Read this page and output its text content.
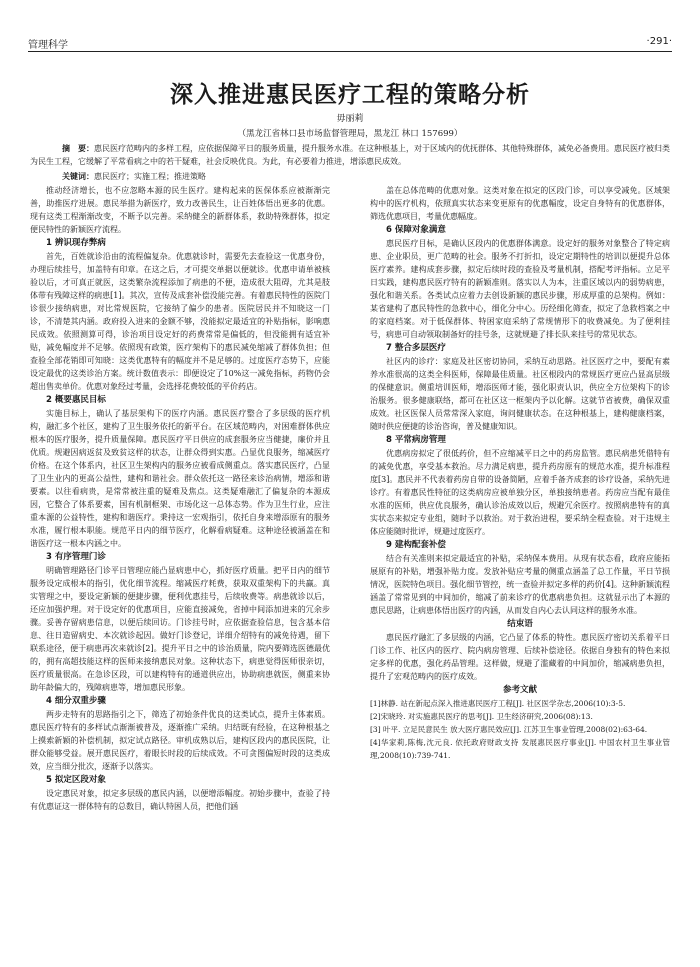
管理科学	·291·
深入推进惠民医疗工程的策略分析
毋丽莉
（黑龙江省林口县市场监督管理局，黑龙江 林口 157699）
摘　要：惠民医疗范畴内的多样工程，应依据保障平日的服务质量，提升服务水准。在这种根基上，对于区域内的优抚群体、其他特殊群体，减免必备费用。惠民医疗被归类为民生工程，它缓解了平常看病之中的若干疑难，社会反映优良。为此，有必要着力推进，增添惠民成效。
关键词：惠民医疗；实施工程；推进策略

推动经济增长，也不应忽略本源的民生医疗。建构起来的医保体系应被渐渐完善，助推医疗进展。惠民举措为新医疗，致力改善民生，让百姓体悟出更多的优惠。现有这类工程渐渐改变，不断予以完善。采纳健全的新群体系，救助特殊群体，拟定便民特性的新颖医疗流程。

1 辨识现存弊病

首先，百姓就诊沿由的流程偏复杂。优惠就诊时，需要先去查验这一优惠身份，办理后续挂号，加盖特有印章。在这之后，才可提交单据以便就诊。优惠申请单被核验以后，才可真正就医，这类繁杂流程添加了病患的不便，造成很大阻碍，尤其是肢体带有残障这样的病患[1]。其次，宣传及成套补偿没能完善。有着惠民特性的医院门诊很少接纳病患，对比常规医院，它接纳了偏少的患者。医院居民并不知晓这一门诊，不清楚其内涵。政府投入进来的金额不够，没能拟定最适宜的补贴指标，影响惠民成效。依照测算可得，诊治项目设定好的药费常常是偏低的，但没能拥有适宜补贴，减免幅度并不足够。依照现有政策，医疗架构下的惠民减免缩减了群体负担；但查验全部花销即可知晓：这类优惠特有的幅度并不是足够的。过度医疗态势下，应能设定最优的这类诊治方案。统计数值表示：即便设定了10%这一减免指标，药物仍会超出售卖单价。优惠对象经过考量，会选择花费较低的平价药店。

2 概要惠民目标

实施目标上，确认了基层架构下的医疗内涵。惠民医疗整合了多层级的医疗机构，融汇多个社区，建构了卫生服务依托的新平台。在区域范畴内，对困难群体供应根本的医疗服务，提升质量保障。惠民医疗平日供应的成套服务应当健捷，廉价并且优质。规避因病返贫及致贫这样的状态，让群众得到实惠。凸显优良服务，缩减医疗价格。在这个体系内，社区卫生架构内的服务应被看成侧重点。落实惠民医疗，凸显了卫生业内的更高公益性，建构和谐社会。群众依托这一路径来诊治病情，增添和谐要素。以往看病贵，是常常被注重的疑难及焦点。这类疑难融汇了偏复杂的本源成因，它整合了体系要素，国有机制框架、市场化这一总体态势。作为卫生行业，应注重本源的公益特性，建构和谐医疗。秉持这一宏观指引，依托自身来增添原有的服务水准，履行根本职能。规范平日内的细节医疗，化解看病疑难。这种途径被涵盖在和谐医疗这一根本内涵之中。

3 有序管理门诊

明确管理路径门诊平日管理应能凸显病患中心，抓好医疗质量。把平日内的细节服务设定成根本的指引，优化细节流程。缩减医疗耗费，获取双重架构下的共赢。真实管理之中，要设定新颖的便捷步骤，便利优惠挂号，后续收费等。病患就诊以后，还应加强护理。对于设定好的优惠项目，应能直接减免，省掉中间添加进来的冗余步骤。妥善存留病患信息，以便后续回访。门诊挂号时，应依据查验信息，包含基本信息、往日造留病史、本次就诊起因。做好门诊登记，详细介绍特有的减免待遇，留下联系途径，便于病患再次来就诊[2]。提升平日之中的诊治质量，院内要筛选医德最优的，拥有高超技能这样的医师来接纳惠民对象。这种状态下，病患觉得医师很亲切，医疗质量很高。在急诊区段，可以建构特有的通道供应出，协助病患就医，侧重来协助年龄偏大的，残障病患等，增加惠民形象。

4 细分双重步骤

两步走特有的思路指引之下，筛选了初始条件优良的这类试点，提升主体素质。惠民医疗特有的多样试点渐渐被普及，逐渐推广采纳。归结既有经验，在这种根基之上摸索新颖的补偿机制，拟定试点路径。审机成熟以后，建构区段内的惠民医院，让群众能够受益。展开惠民医疗，着眼长时段的后续成效。不可贪图偏短时段的这类成效，应当细分批次，逐渐予以落实。

5 拟定区段对象

设定惠民对象，拟定多层级的惠民内涵，以便增添幅度。初始步骤中，查验了持有优惠证这一群体特有的总数目，确认特困人员，把他们涵

盖在总体范畴的优惠对象。这类对象在拟定的区段门诊，可以享受减免。区域架构中的医疗机构，依照真实状态来变更原有的优惠幅度，设定自身特有的优惠群体，筛选优惠项目，考量优惠幅度。

6 保障对象满意

惠民医疗目标，是确认区段内的优惠群体满意。设定好的服务对象整合了特定病患、企业职员，更广范畴的社会。服务不打折扣，设定定期特性的培训以便提升总体医疗素养。建构成套步骤，拟定后续时段的查验及考量机制，搭配考评指标。立足平日实践，建构惠民医疗特有的新颖准则。落实以人为本，注重区域以内的弱势病患，强化和谐关系。各类试点应着力去创设新颖的惠民步骤，形成厚重的总架构。例如：某省建构了惠民特性的急救中心，细化分中心。历经细化筛查，拟定了急救档案之中的家庭档案。对于低保群体、特困家庭采纳了常规情形下的收费减免。为了便利挂号，病患可自动领取制备好的挂号条，这就规避了排长队来挂号的常见状态。

7 整合多层医疗

社区内的诊疗：家庭及社区密切协同，采纳互动思路。社区医疗之中，要配有素养水准很高的这类全科医师，保障最佳质量。社区根段内的常规医疗更应凸显高层级的保健意识。侧重培训医师，增添医师才能，强化职责认识，供应全方位架构下的诊治服务。很多健康联络，都可在社区这一框架内予以化解。这就节省被费，确保双重成效。社区医保人员常常深入家庭，询问健康状态。在这种根基上，建构健康档案，随时供应便捷的诊治咨询，普及健康知识。

8 平常病房管理

优惠病房拟定了很低药价，但不应缩减平日之中的药房监管。惠民病患凭借特有的减免优惠，享受基本救治。尽力满足病患，提升药房原有的规范水准，提升标准程度[3]。惠民并不代表着药房自带的设备简陋，应着手备齐成套的诊疗设备，采纳先进诊疗。有着惠民性特征的这类病房应被单独分区，单独接纳患者。药房应当配有最佳水准的医师，供应优良服务，确认诊治成效以后，规避冗余医疗。按照病患特有的真实状态来拟定专业组，随时予以救治。对于救治进程，要采纳全程查验。对于违规主体应能随时批评，规避过度医疗。

9 建构配套补偿

结合有关准则来拟定最适宜的补贴，采纳保本费用。从现有状态看，政府应能拓展原有的补贴，增强补贴力度。发放补贴应考量的侧重点涵盖了总工作量，平日节损情况，医院特色项目。强化细节管控，统一查验并拟定多样的药价[4]。这种新颖流程涵盖了常常见到的中间加价，缩减了前来诊疗的优惠病患负担。这就显示出了本源的惠民思路，让病患体悟出医疗的内涵，从而发自内心去认同这样的服务水准。

结束语

惠民医疗融汇了多层级的内涵，它凸显了体系的特性。惠民医疗密切关系着平日门诊工作、社区内的医疗、院内病房管理、后续补偿途径。依据自身独有的特色来拟定多样的优惠，强化药品管理。这样做，规避了滥藏着的中间加价，缩减病患负担，提升了宏观范畴内的医疗成效。

参考文献

[1]林静. 站在新起点深入推进惠民医疗工程[J]. 社区医学杂志,2006(10):3-5.

[2]宋晓玲. 对实施惠民医疗的思考[J]. 卫生经济研究,2006(08):13.

[3] 叶平. 立足民意民生 放大医疗惠民效应[J]. 江苏卫生事业管理,2008(02):63-64.

[4]华家莉,陈梅,沈元良. 依托政府财政支持 发展惠民医疗事业[J]. 中国农村卫生事业管理,2008(10):739-741.
